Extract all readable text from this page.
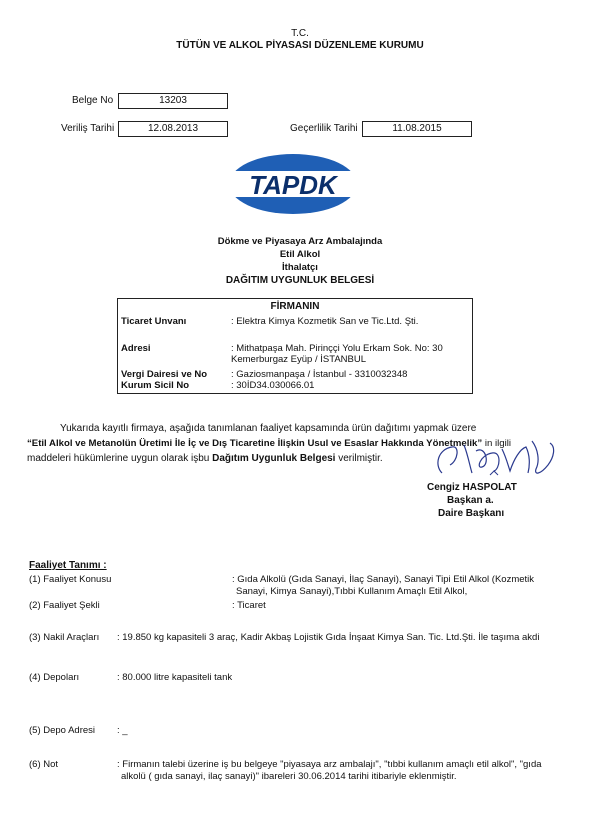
T.C.
TÜTÜN VE ALKOL PİYASASI DÜZENLEME KURUMU
Belge No	13203
Veriliş Tarihi	12.08.2013	Geçerlilik Tarihi	11.08.2015
TAPDK
Dökme ve Piyasaya Arz Ambalajında
Etil Alkol
İthalatçı
DAĞITIM UYGUNLUK BELGESİ
FİRMANIN
Ticaret Unvanı	: Elektra Kimya Kozmetik San ve Tic.Ltd. Şti.
Adresi	: Mithatpaşa Mah. Pirinççi Yolu Erkam Sok. No: 30
Kemerburgaz Eyüp / İSTANBUL
Vergi Dairesi ve No	: Gaziosmanpaşa / İstanbul - 3310032348
Kurum Sicil No	: 30İD34.030066.01
Yukarıda kayıtlı firmaya, aşağıda tanımlanan faaliyet kapsamında ürün dağıtımı yapmak üzere
“Etil Alkol ve Metanolün Üretimi İle İç ve Dış Ticaretine İlişkin Usul ve Esaslar Hakkında Yönetmelik” in ilgili
maddeleri hükümlerine uygun olarak işbu Dağıtım Uygunluk Belgesi verilmiştir.
Cengiz HASPOLAT
Başkan a.
Daire Başkanı
Faaliyet Tanımı :
(1) Faaliyet Konusu	: Gıda Alkolü (Gıda Sanayi, İlaç Sanayi), Sanayi Tipi Etil Alkol (Kozmetik
Sanayi, Kimya Sanayi),Tıbbi Kullanım Amaçlı Etil Alkol,
(2) Faaliyet Şekli	: Ticaret
(3) Nakil Araçları : 19.850 kg kapasiteli 3 araç, Kadir Akbaş Lojistik Gıda İnşaat Kimya San. Tic. Ltd.Şti. İle taşıma akdi
(4) Depoları	: 80.000 litre kapasiteli tank
(5) Depo Adresi : _
(6) Not	: Firmanın talebi üzerine iş bu belgeye "piyasaya arz ambalajı", "tıbbi kullanım amaçlı etil alkol", "gıda
alkolü ( gıda sanayi, ilaç sanayi)" ibareleri 30.06.2014 tarihi itibariyle eklenmiştir.
